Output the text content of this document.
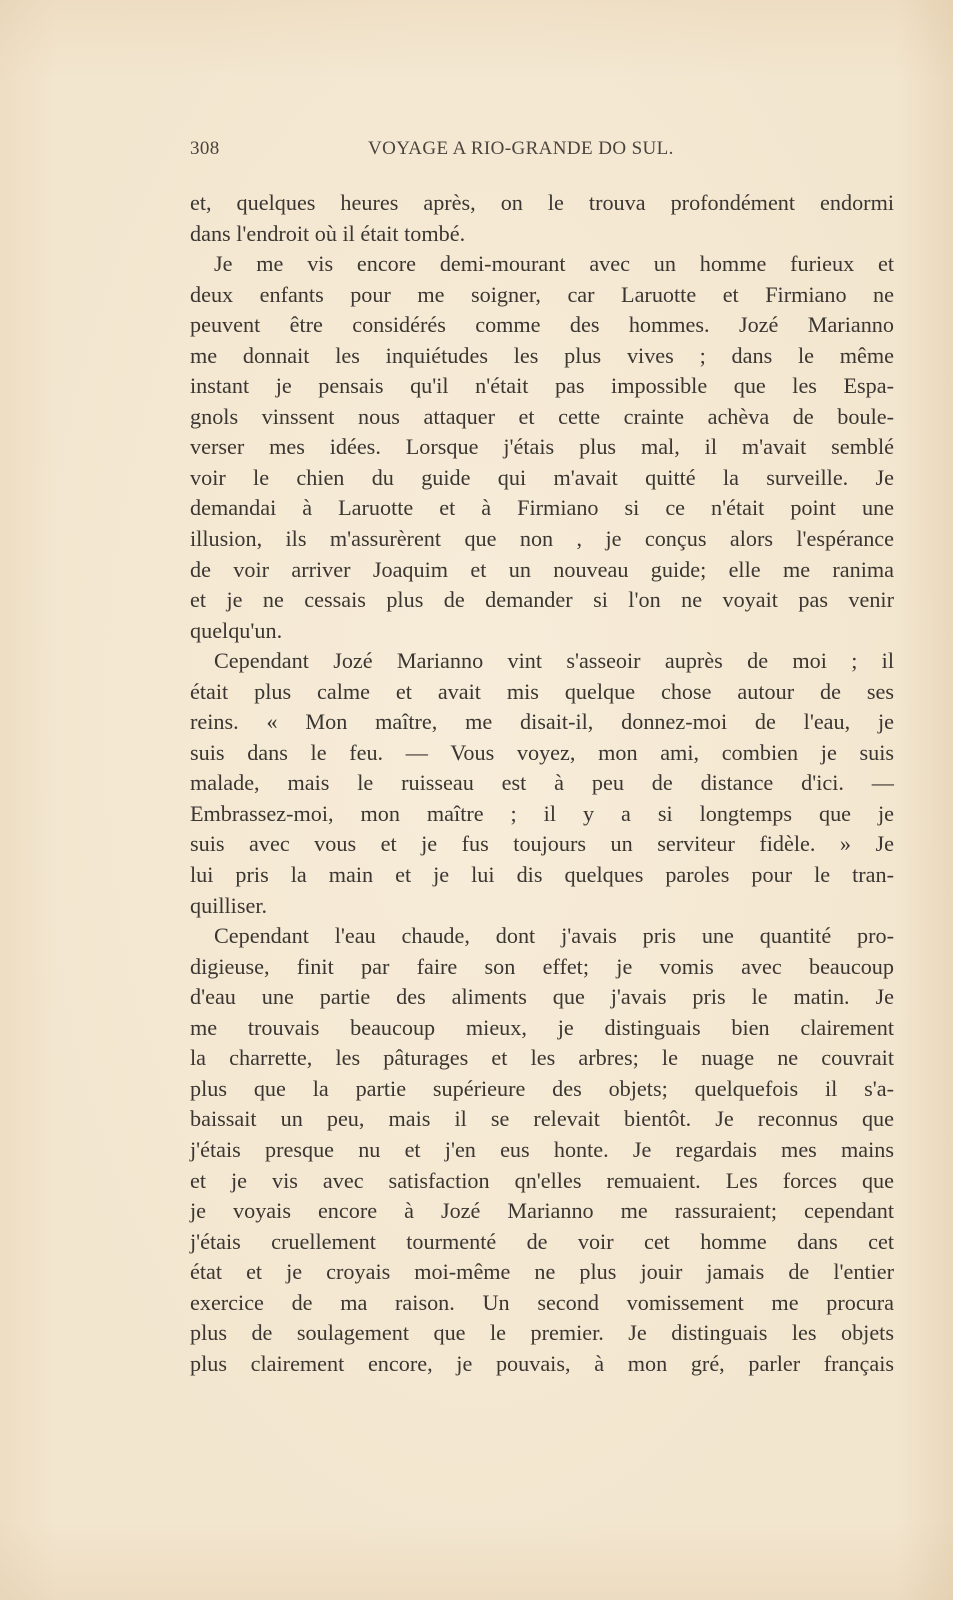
308	VOYAGE A RIO-GRANDE DO SUL.
et, quelques heures après, on le trouva profondément endormi
dans l'endroit où il était tombé.
Je me vis encore demi-mourant avec un homme furieux et
deux enfants pour me soigner, car Laruotte et Firmiano ne
peuvent être considérés comme des hommes. Jozé Marianno
me donnait les inquiétudes les plus vives ; dans le même
instant je pensais qu'il n'était pas impossible que les Espa-
gnols vinssent nous attaquer et cette crainte achèva de boule-
verser mes idées. Lorsque j'étais plus mal, il m'avait semblé
voir le chien du guide qui m'avait quitté la surveille. Je
demandai à Laruotte et à Firmiano si ce n'était point une
illusion, ils m'assurèrent que non , je conçus alors l'espérance
de voir arriver Joaquim et un nouveau guide; elle me ranima
et je ne cessais plus de demander si l'on ne voyait pas venir
quelqu'un.
Cependant Jozé Marianno vint s'asseoir auprès de moi ; il
était plus calme et avait mis quelque chose autour de ses
reins. « Mon maître, me disait-il, donnez-moi de l'eau, je
suis dans le feu. — Vous voyez, mon ami, combien je suis
malade, mais le ruisseau est à peu de distance d'ici. —
Embrassez-moi, mon maître ; il y a si longtemps que je
suis avec vous et je fus toujours un serviteur fidèle. » Je
lui pris la main et je lui dis quelques paroles pour le tran-
quilliser.
Cependant l'eau chaude, dont j'avais pris une quantité pro-
digieuse, finit par faire son effet; je vomis avec beaucoup
d'eau une partie des aliments que j'avais pris le matin. Je
me trouvais beaucoup mieux, je distinguais bien clairement
la charrette, les pâturages et les arbres; le nuage ne couvrait
plus que la partie supérieure des objets; quelquefois il s'a-
baissait un peu, mais il se relevait bientôt. Je reconnus que
j'étais presque nu et j'en eus honte. Je regardais mes mains
et je vis avec satisfaction qn'elles remuaient. Les forces que
je voyais encore à Jozé Marianno me rassuraient; cependant
j'étais cruellement tourmenté de voir cet homme dans cet
état et je croyais moi-même ne plus jouir jamais de l'entier
exercice de ma raison. Un second vomissement me procura
plus de soulagement que le premier. Je distinguais les objets
plus clairement encore, je pouvais, à mon gré, parler français
